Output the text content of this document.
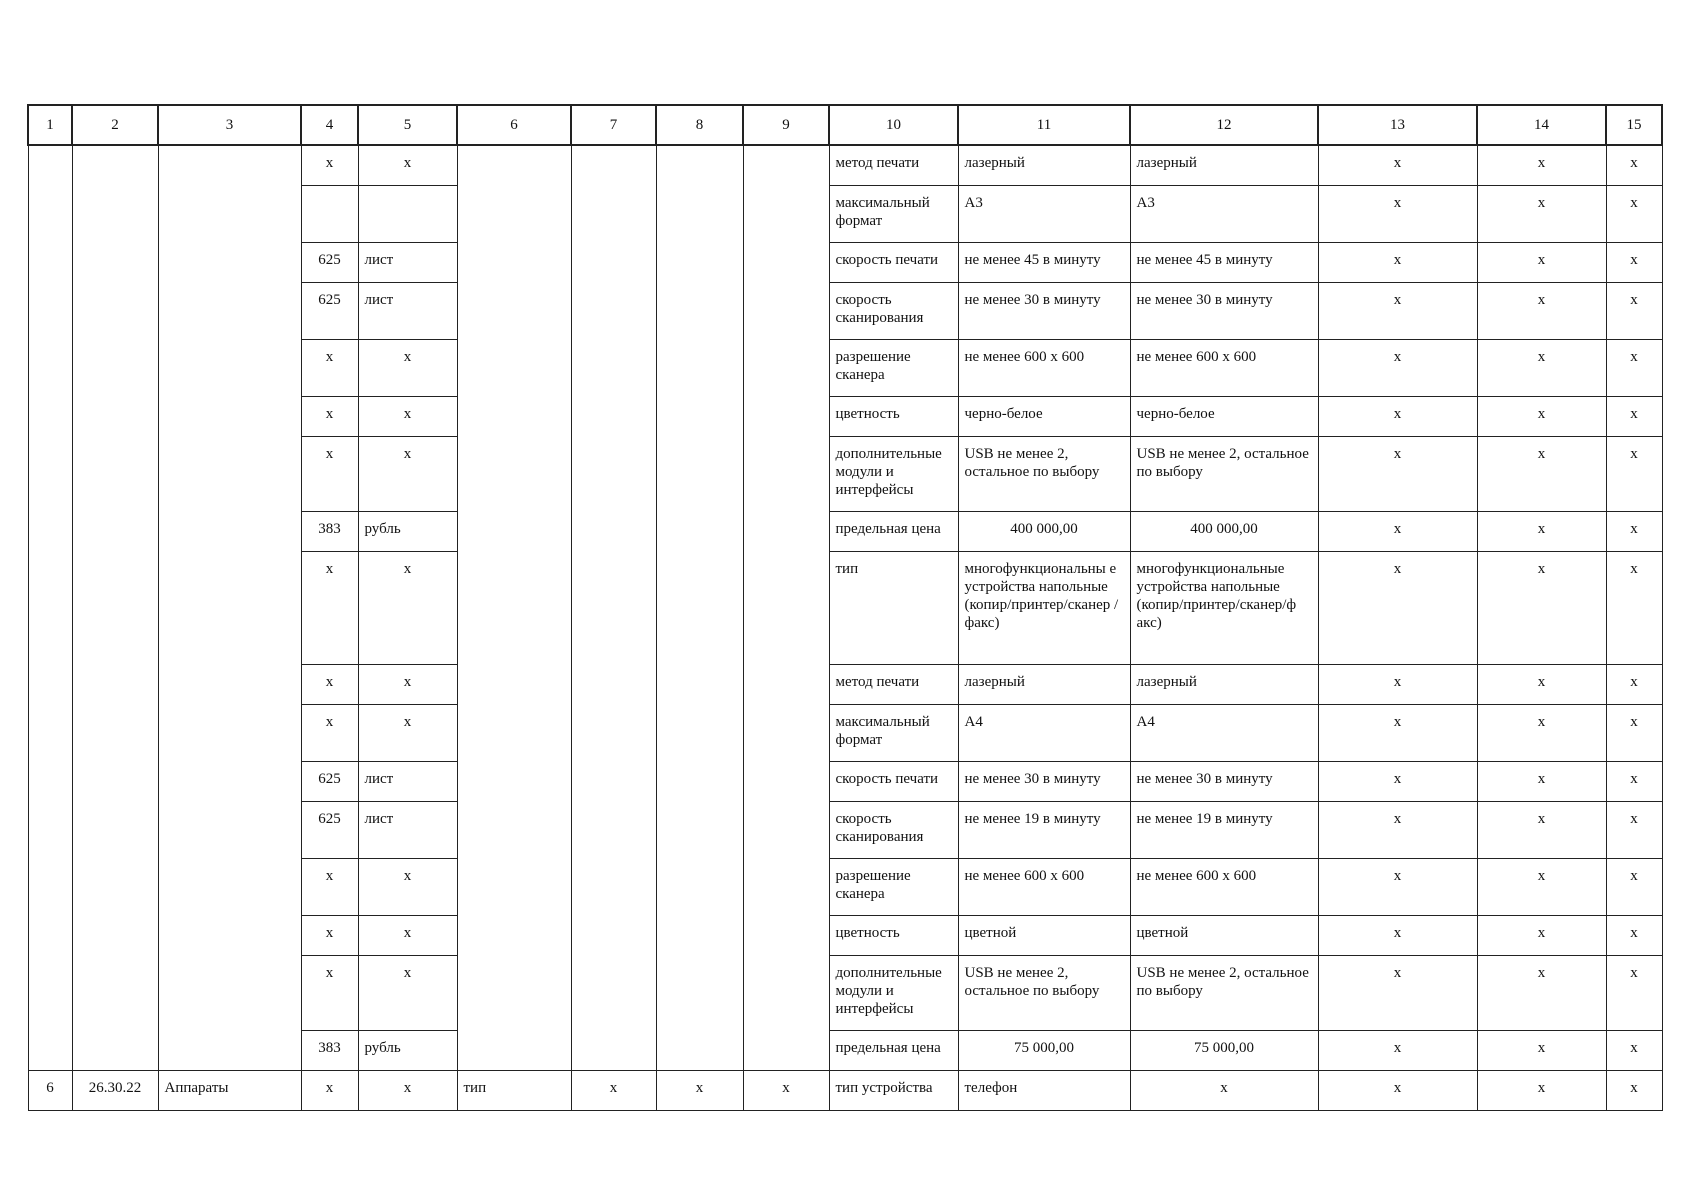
1	2	3	4	5	6	7	8	9	10	11	12	13	14	15
			x	x					метод печати	лазерный	лазерный	x	x	x
									максимальный формат	А3	А3	x	x	x
			625	лист					скорость печати	не менее 45 в минуту	не менее 45 в минуту	x	x	x
			625	лист					скорость сканирования	не менее 30 в минуту	не менее 30 в минуту	x	x	x
			x	x					разрешение сканера	не менее 600 x 600	не менее 600 x 600	x	x	x
			x	x					цветность	черно-белое	черно-белое	x	x	x
			x	x					дополнительные модули и интерфейсы	USB не менее 2, остальное по выбору	USB не менее 2, остальное по выбору	x	x	x
			383	рубль					предельная цена	400 000,00	400 000,00	x	x	x
			x	x					тип	многофункциональны е устройства напольные (копир/принтер/сканер /факс)	многофункциональные устройства напольные (копир/принтер/сканер/ф акс)	x	x	x
			x	x					метод печати	лазерный	лазерный	x	x	x
			x	x					максимальный формат	А4	А4	x	x	x
			625	лист					скорость печати	не менее 30 в минуту	не менее 30 в минуту	x	x	x
			625	лист					скорость сканирования	не менее 19 в минуту	не менее 19 в минуту	x	x	x
			x	x					разрешение сканера	не менее 600 x 600	не менее 600 x 600	x	x	x
			x	x					цветность	цветной	цветной	x	x	x
			x	x					дополнительные модули и интерфейсы	USB не менее 2, остальное по выбору	USB не менее 2, остальное по выбору	x	x	x
			383	рубль					предельная цена	75 000,00	75 000,00	x	x	x
6	26.30.22	Аппараты	x	x	тип	x	x	x	тип устройства	телефон	x	x	x	x
